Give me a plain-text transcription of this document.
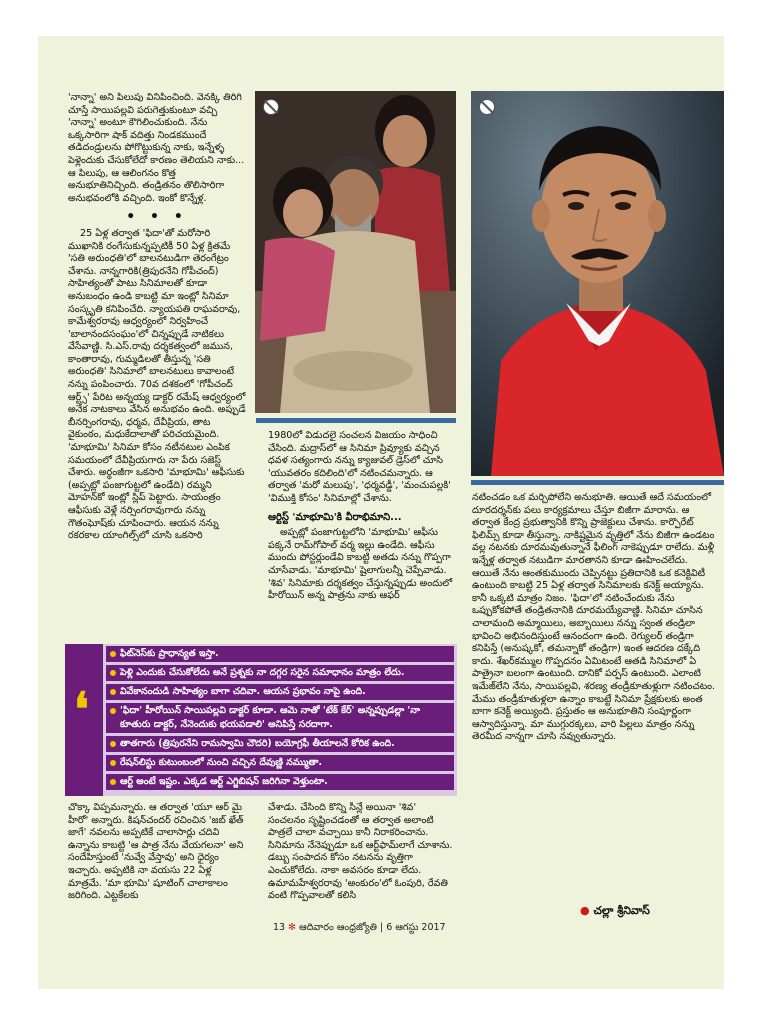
'నాన్నా' అని పిలుపు వినిపించింది. వెనక్కి తిరిగి చూస్తే సాయిపల్లవి పరుగెత్తుకుంటూ వచ్చి 'నాన్నా' అంటూ కౌగిలించుకుంది. నేను ఒక్కసారిగా షాక్ వదిత్తు నిండకముందే తడిదండ్రులను పోగొట్టుకున్న నాకు, ఇన్నేళ్ళ పెళ్లెందుకు చేసుకోలేదో కారణం తెలియని నాకు... ఆ పిలుపు, ఆ ఆలింగనం కొత్త అనుభూతినిచ్చింది. తండ్రితనం తొలిసారిగా అనుభవంలోకి వచ్చింది. ఇంకో కొన్నేళ్ల.

• • •

25 ఏళ్ల తర్వాత 'ఫిదా'తో మరోసారి ముఖానికి రంగేసుకున్నప్పటికీ 50 ఏళ్ల క్రితమే 'సతి అరుంధతి'లో బాలనటుడిగా తెరంగేట్రం చేశాను. నాన్నగారికి(త్రిపురనేని గోపీచంద్) సాహిత్యంతో పాటు సినిమాలతో కూడా అనుబంధం ఉండి కాబట్టి మా ఇంట్లో సినిమా సంస్కృతి కనిపించేది. న్యాయపతి రాఘవరావు, కామేశ్వరరావు ఆధ్వర్యంలో నిర్వహించే 'బాలానందసంఘం'లో చిన్నప్పుడే నాటికలు వేసేవాణ్ణి. సి.ఎస్.రావు దర్శకత్వంలో జమున, కాంతారావు, గుమ్మడిలతో తీస్తున్న 'సతి అరుంధతి' సినిమాలో బాలనటులు కావాలంటే నన్ను పంపించారు. 70వ దశకంలో 'గోపీచంద్ ఆర్ట్స్' పేరిట అన్నయ్య డాక్టర్ రమేష్ ఆధ్వర్యంలో అనేక నాటకాలు వేసిన అనుభవం ఉంది. అప్పుడే బీనర్సింగరావు, ధర్మవ, దేవీప్రియ, తాట వైకుంఠం, మధుకేదాలాతో పరిచయమైంది. 'మాభూమి' సినిమా కోసం నటీనటుల ఎంపిక సమయంలో దేవీప్రియగారు నా పేరు సజెస్ట్ చేశారు. అర్థంజీగా ఒకసారి 'మాభూమి' ఆఫీసుకు (అప్పట్లో పంజాగుట్టలో ఉండేది) రమ్మని మోహన్‌కో ఇంట్లో స్లిప్ పెట్టారు. సాయంత్రం ఆఫీసుకు వెళ్లే నర్సింగరావుగారు నన్ను గౌతంఘోష్‌కు చూపించారు. ఆయన నన్ను రకరకాల యాంగిల్స్‌లో చూసి ఒకసారి

1980లో విడుదలై సంచలన విజయం సాధించి చేసింది. మద్రాస్‌లో ఆ సినిమా ప్రివ్యూకు వచ్చిన ధవళ సత్యంగారు నన్ను క్యాజువల్ డ్రెస్‌లో చూసి 'యువతరం కదిలింది'లో నటించమన్నారు. ఆ తర్వాత 'మరో మలుపు', 'ధర్మవడ్డీ', 'మంచుపల్లకి' 'విముక్తి కోసం' సినిమాల్లో చేశాను.

ఆర్టిస్ట్ 'మాభూమి'కి వీరాభిమాని...

అప్పట్లో పంజాగుట్టలోని 'మాభూమి' ఆఫీసు పక్కనే రామ్‌గోపాల్ వర్మ ఇల్లు ఉండేది. ఆఫీసు ముందు పోస్టర్లుండేవి కాబట్టి అతడు నన్ను గొప్పగా చూసేవాడు. 'మాభూమి' షైలాగులన్నీ చెప్పేవాడు. 'శివ' సినిమాకు దర్శకత్వం చేస్తున్నప్పుడు అందులో హీరోయిన్ అన్న పాత్రను నాకు ఆఫర్

నటించడం ఒక మర్చిపోలేని అనుభూతి. ఆయితే ఆదే సమయంలో దూరదర్శన్‌కు పలు కార్యక్రమాలు చేస్తూ బిజీగా మారాను. ఆ తర్వాత కేంద్ర ప్రభుత్వానికి కొన్ని ప్రాజెక్టులు చేశాను. కార్పొరేట్ ఫిలిమ్స్ కూడా తీస్తున్నా. నాకిష్టమైన వృత్తిలో నేను బిజీగా ఉండటం వల్ల నటనకు దూరమవుతున్నానే ఫీలింగ్ నాకెప్పుడూ రాలేదు. మళ్లీ ఇన్నేళ్ల తర్వాత నటుడిగా మారతానని కూడా ఊహించలేదు. ఆయితే నేను ఆంతకుముందు చెప్పినట్టు ప్రతిదానికి ఒక కనెక్టివిటీ ఉంటుంది కాబట్టి 25 ఏళ్ల తర్వాత సినిమాలకు కనెక్ట్ అయ్యాను. కానీ ఒక్కటి మాత్రం నిజం. 'ఫిదా'లో నటించేందుకు నేను ఒప్పుకోకపోతే తండ్రితనానికి దూరమయ్యేవాణ్ణి. సినిమా చూసిన చాలామంది అమ్మాయిలు, అబ్బాయిలు నన్ను స్వంత తండ్రిలా భావించి అభినందిస్తుంటే ఆనందంగా ఉంది. రెగ్యులర్ తండ్రిగా కనిపిస్తే (అనుష్కకో, తమన్నాకో తండ్రిగా) ఇంత ఆదరణ దక్కేది కాదు. శేఖర్‌కమ్ముల గొప్పదనం ఏమిటంటే ఆతడి సినిమాలో ఏ పాత్రైనా బలంగా ఉంటుంది. దానికో పర్పస్ ఉంటుంది. ఎలాంటి ఇమేజ్‌లేని నేను, సాయిపల్లవి, శరణ్య తండ్రీకూతుళ్లుగా నటించటం. మేము తండ్రీకూతుళ్లలా ఉన్నాం కాబట్టే సినిమా ప్రేక్షకులకు అంత బాగా కనెక్ట్ అయ్యింది. ప్రస్తుతం ఆ అనుభూతిని సంపూర్ణంగా ఆస్వాదిస్తున్నా. మా ముగ్గురక్కలు, వారి పిల్లలు మాత్రం నన్ను తెరమీద నాన్నగా చూసి నవ్వుతున్నారు.

❛
ఫిట్‌నెస్‌కు ప్రాధాన్యత ఇస్తా.
పెళ్లి ఎందుకు చేసుకోలేదు అనే ప్రశ్నకు నా దగ్గర సరైన సమాధానం మాత్రం లేదు.
వివేకానందుడి సాహిత్యం బాగా చదివా. ఆయన ప్రభావం నాపై ఉంది.
'ఫిదా' హీరోయిన్ సాయిపల్లవి డాక్టర్ కూడా. ఆమె నాతో 'టేక్ కేర్' అన్నప్పుడల్లా 'నా కూతురు డాక్టర్, నేనెందుకు భయపడాలి' అనిపిస్తే సరదాగా.
తాతగారు (త్రిపురనేని రామస్వామి చౌదరి) బయోగ్రఫీ తీయాలనే కోరిక ఉంది.
రేషన్‌లిస్టు కుటుంబంలో నుంచి వచ్చిన దేవుణ్ణి నమ్ముతా.
ఆర్ట్ అంటే ఇష్టం. ఎక్కడ ఆర్ట్ ఎగ్జిబిషన్ జరిగినా వెళ్తుంటా.

చొక్కా విప్పమన్నారు. ఆ తర్వాత 'యూ ఆర్ మై హీరో' అన్నారు. కిషన్‌చందర్ రచించిన 'జబ్ ఖేత్ జాగే' నవలను అప్పటికే చాలాసార్లు చదివి ఉన్నాను కాబట్టి 'ఆ పాత్ర నేను వేయగలనా' అని సందేహిస్తుంటే 'నువ్వే వేస్తావు' అని ధైర్యం ఇచ్చారు. అప్పటికి నా వయసు 22 ఏళ్ల మాత్రమే. 'మా భూమి' షూటింగ్ చాలాకాలం జరిగింది. ఎట్టకేలకు

చేశాడు. చేసింది కొన్ని సీన్లే అయినా 'శివ' సంచలనం సృష్టించడంతో ఆ తర్వాత అలాంటి పాత్రలే చాలా వచ్చాయి కానీ నిరాకరించాను. సినిమాను నేనెప్పుడూ ఒక ఆర్ట్‌ఫామ్‌లాగే చూశాను. డబ్బు సంపాదన కోసం నటనను వృత్తిగా ఎంచుకోలేదు. నాకా అవసరం కూడా లేదు. ఉమామహేశ్వరరావు 'అంకురం'లో ఓంపురి, రేవతి వంటి గొప్పవాలతో కలిసి

● చల్లా శ్రీనివాస్
13 ✻ ఆదివారం ఆంధ్రజ్యోతి | 6 ఆగస్టు 2017
